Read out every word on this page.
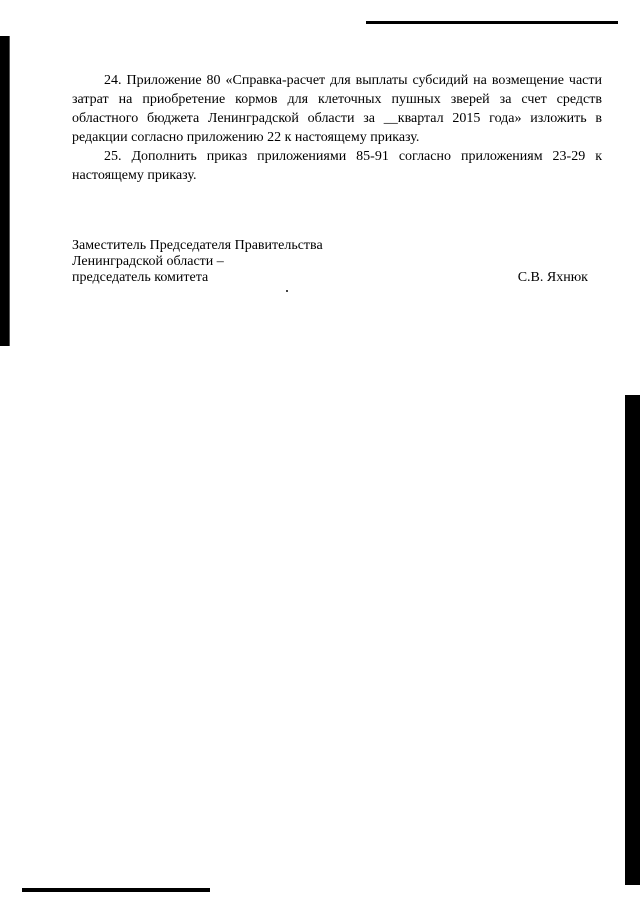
24. Приложение 80 «Справка-расчет для выплаты субсидий на возмещение части затрат на приобретение кормов для клеточных пушных зверей за счет средств областного бюджета Ленинградской области за __квартал 2015 года» изложить в редакции согласно приложению 22 к настоящему приказу.

25. Дополнить приказ приложениями 85-91 согласно приложениям 23-29 к настоящему приказу.

Заместитель Председателя Правительства
Ленинградской области –
председатель комитета	С.В. Яхнюк
